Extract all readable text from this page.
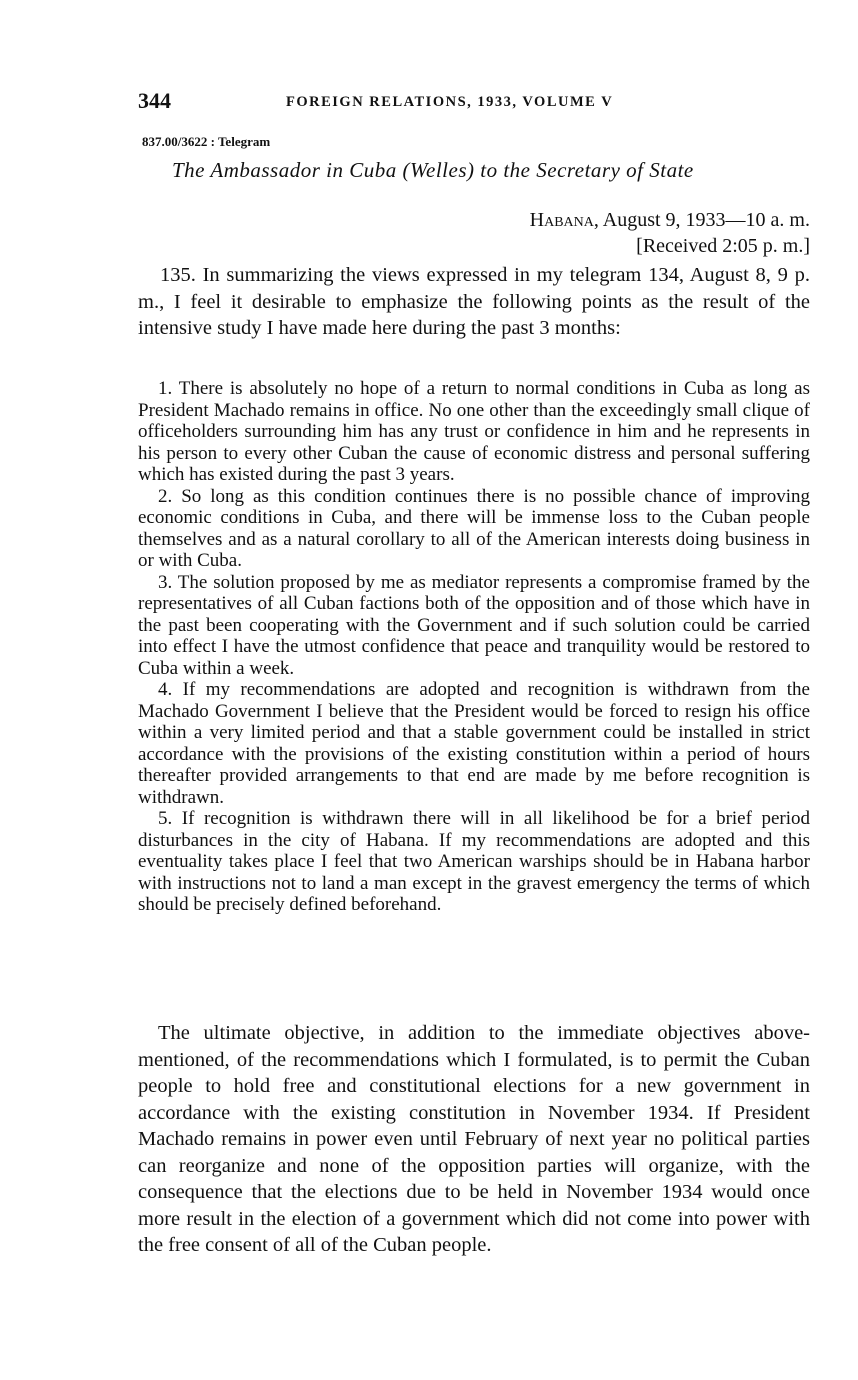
344	FOREIGN RELATIONS, 1933, VOLUME V
837.00/3622 : Telegram
The Ambassador in Cuba (Welles) to the Secretary of State
Habana, August 9, 1933—10 a. m.
[Received 2:05 p. m.]

135. In summarizing the views expressed in my telegram 134, August 8, 9 p. m., I feel it desirable to emphasize the following points as the result of the intensive study I have made here during the past 3 months:

1. There is absolutely no hope of a return to normal conditions in Cuba as long as President Machado remains in office. No one other than the exceedingly small clique of officeholders surrounding him has any trust or confidence in him and he represents in his person to every other Cuban the cause of economic distress and personal suffering which has existed during the past 3 years.
2. So long as this condition continues there is no possible chance of improving economic conditions in Cuba, and there will be immense loss to the Cuban people themselves and as a natural corollary to all of the American interests doing business in or with Cuba.
3. The solution proposed by me as mediator represents a compromise framed by the representatives of all Cuban factions both of the opposition and of those which have in the past been cooperating with the Government and if such solution could be carried into effect I have the utmost confidence that peace and tranquility would be restored to Cuba within a week.
4. If my recommendations are adopted and recognition is withdrawn from the Machado Government I believe that the President would be forced to resign his office within a very limited period and that a stable government could be installed in strict accordance with the provisions of the existing constitution within a period of hours thereafter provided arrangements to that end are made by me before recognition is withdrawn.
5. If recognition is withdrawn there will in all likelihood be for a brief period disturbances in the city of Habana. If my recommendations are adopted and this eventuality takes place I feel that two American warships should be in Habana harbor with instructions not to land a man except in the gravest emergency the terms of which should be precisely defined beforehand.

The ultimate objective, in addition to the immediate objectives above-mentioned, of the recommendations which I formulated, is to permit the Cuban people to hold free and constitutional elections for a new government in accordance with the existing constitution in November 1934. If President Machado remains in power even until February of next year no political parties can reorganize and none of the opposition parties will organize, with the consequence that the elections due to be held in November 1934 would once more result in the election of a government which did not come into power with the free consent of all of the Cuban people.
